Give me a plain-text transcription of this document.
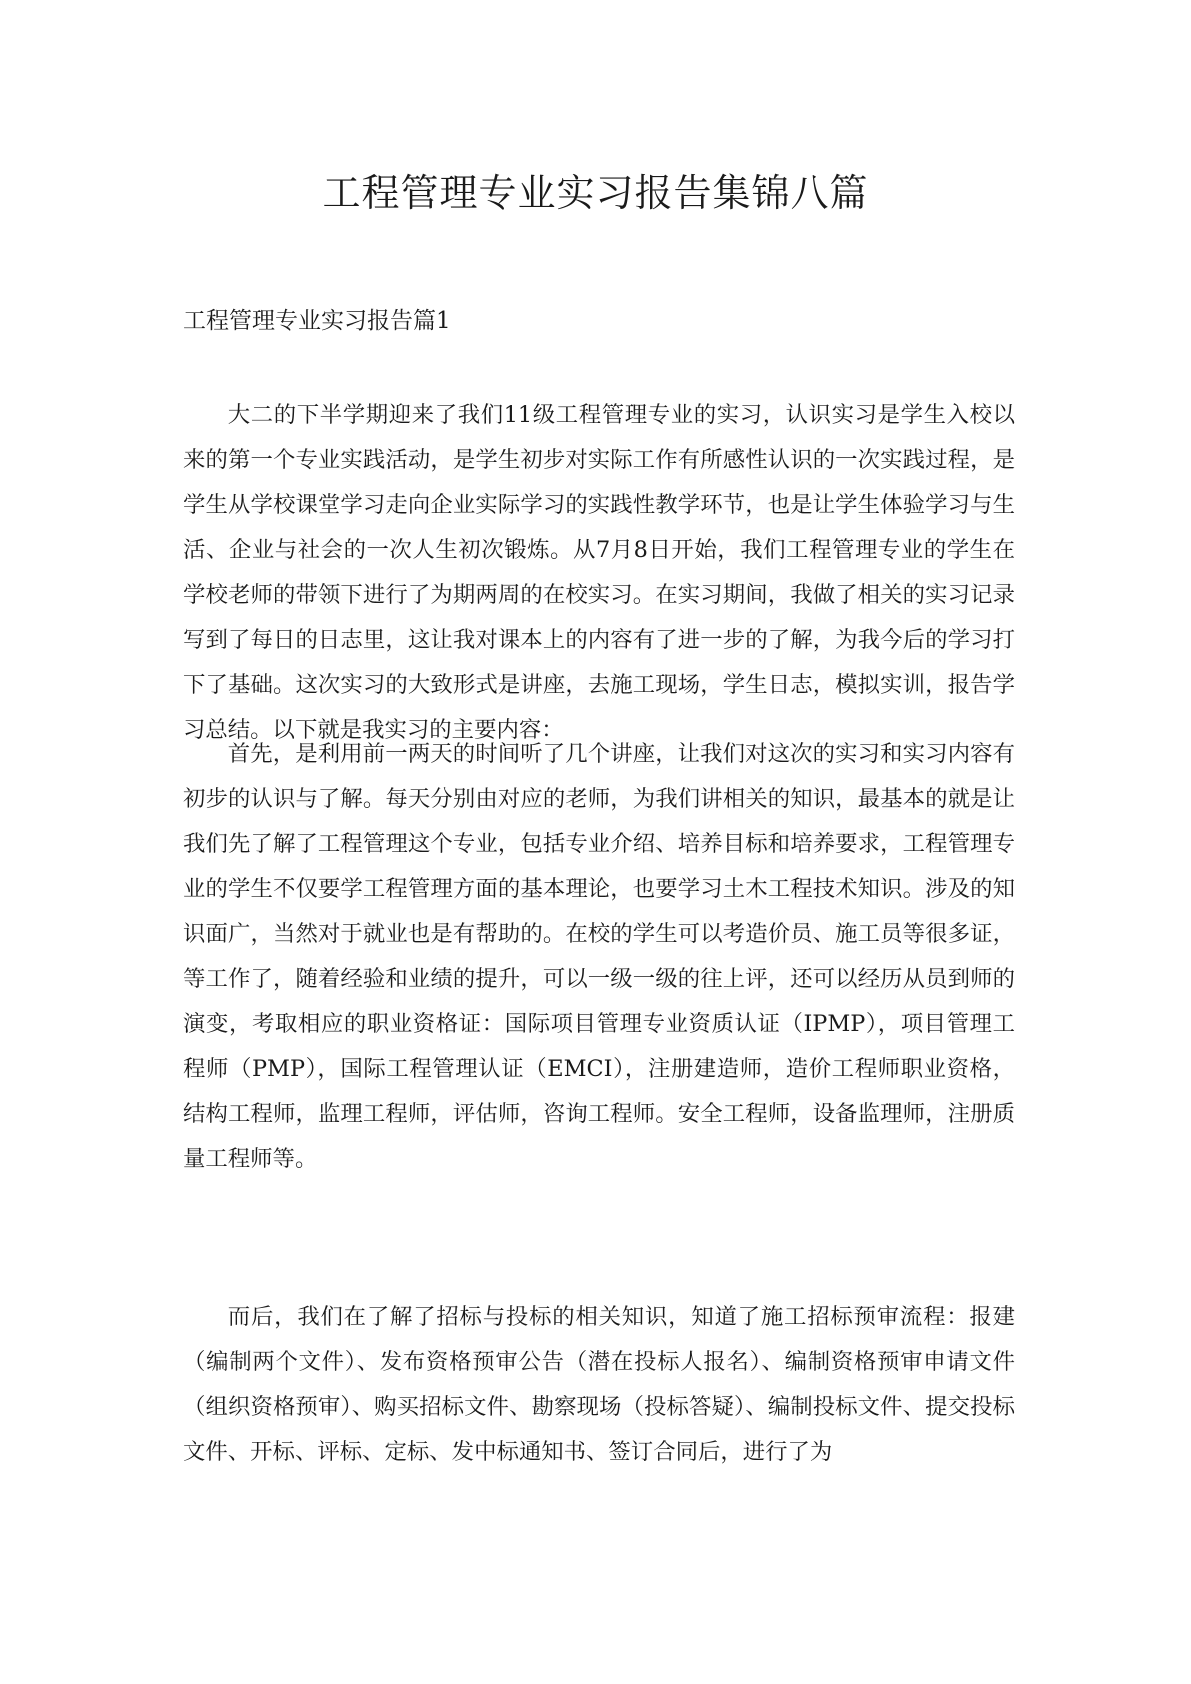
工程管理专业实习报告集锦八篇
工程管理专业实习报告篇1

大二的下半学期迎来了我们11级工程管理专业的实习，认识实习是学生入校以来的第一个专业实践活动，是学生初步对实际工作有所感性认识的一次实践过程，是学生从学校课堂学习走向企业实际学习的实践性教学环节，也是让学生体验学习与生活、企业与社会的一次人生初次锻炼。从7月8日开始，我们工程管理专业的学生在学校老师的带领下进行了为期两周的在校实习。在实习期间，我做了相关的实习记录写到了每日的日志里，这让我对课本上的内容有了进一步的了解，为我今后的学习打下了基础。这次实习的大致形式是讲座，去施工现场，学生日志，模拟实训，报告学习总结。以下就是我实习的主要内容：

首先，是利用前一两天的时间听了几个讲座，让我们对这次的实习和实习内容有初步的认识与了解。每天分别由对应的老师，为我们讲相关的知识，最基本的就是让我们先了解了工程管理这个专业，包括专业介绍、培养目标和培养要求，工程管理专业的学生不仅要学工程管理方面的基本理论，也要学习土木工程技术知识。涉及的知识面广，当然对于就业也是有帮助的。在校的学生可以考造价员、施工员等很多证，等工作了，随着经验和业绩的提升，可以一级一级的往上评，还可以经历从员到师的演变，考取相应的职业资格证：国际项目管理专业资质认证（IPMP），项目管理工程师（PMP），国际工程管理认证（EMCI），注册建造师，造价工程师职业资格，结构工程师，监理工程师，评估师，咨询工程师。安全工程师，设备监理师，注册质量工程师等。

而后，我们在了解了招标与投标的相关知识，知道了施工招标预审流程：报建（编制两个文件）、发布资格预审公告（潜在投标人报名）、编制资格预审申请文件（组织资格预审）、购买招标文件、勘察现场（投标答疑）、编制投标文件、提交投标文件、开标、评标、定标、发中标通知书、签订合同后，进行了为
